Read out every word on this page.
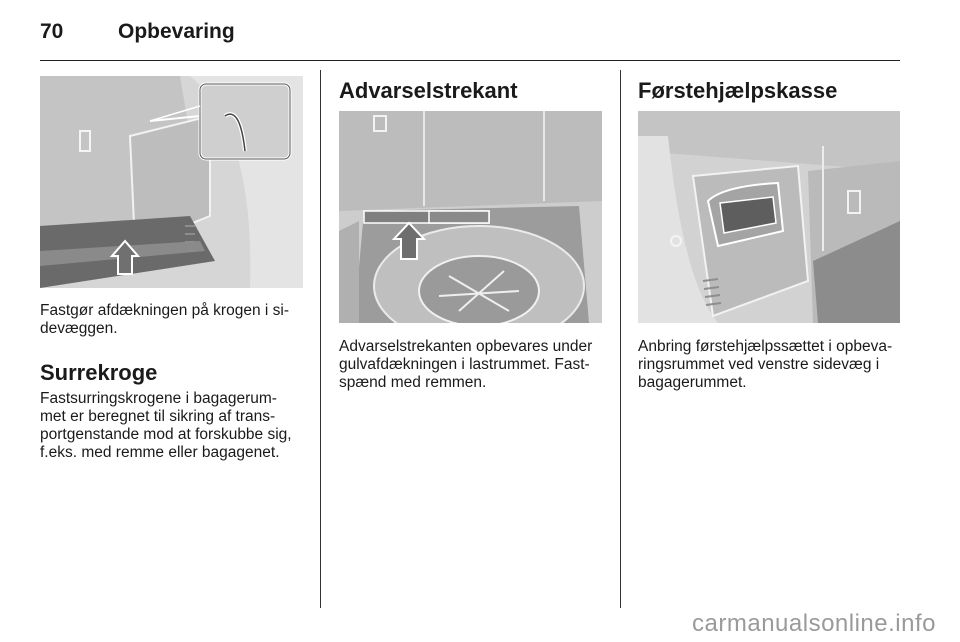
70	Opbevaring
Fastgør afdækningen på krogen i si-
devæggen.
Surrekroge
Fastsurringskrogene i bagagerum-
met er beregnet til sikring af trans-
portgenstande mod at forskubbe sig,
f.eks. med remme eller bagagenet.
Advarselstrekant
Advarselstrekanten opbevares under
gulvafdækningen i lastrummet. Fast-
spænd med remmen.
Førstehjælpskasse
Anbring førstehjælpssættet i opbeva-
ringsrummet ved venstre sidevæg i
bagagerummet.
carmanualsonline.info
